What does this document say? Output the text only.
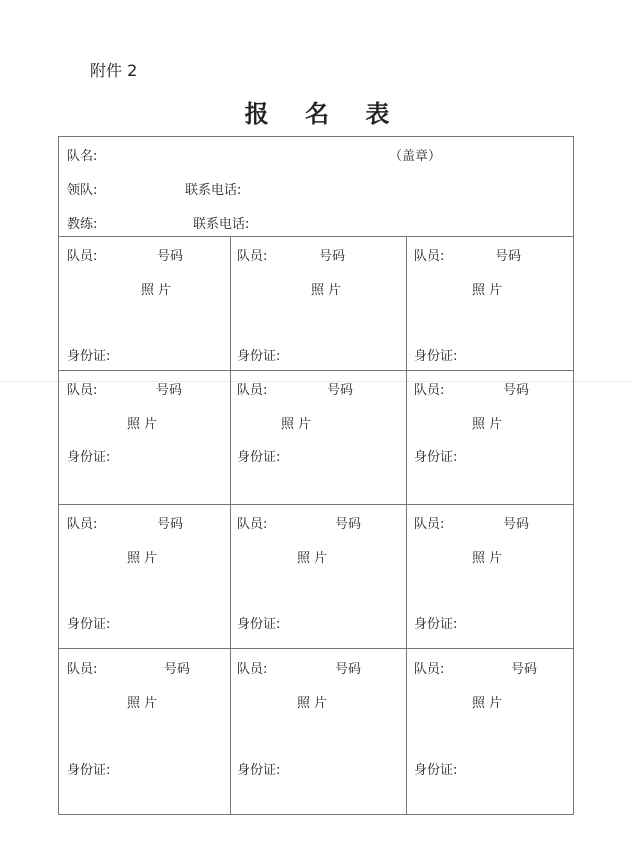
附件 2
报 名 表
队名:	（盖章）
领队:	联系电话:
教练:	联系电话:
队员:	号码
照 片
身份证:
队员:	号码
照 片
身份证:
队员:	号码
照 片
身份证:
队员:	号码
照 片
身份证:
队员:	号码
照 片
身份证:
队员:	号码
照 片
身份证:
队员:	号码
照 片
身份证:
队员:	号码
照 片
身份证:
队员:	号码
照 片
身份证:
队员:	号码
照 片
身份证:
队员:	号码
照 片
身份证:
队员:	号码
照 片
身份证:
